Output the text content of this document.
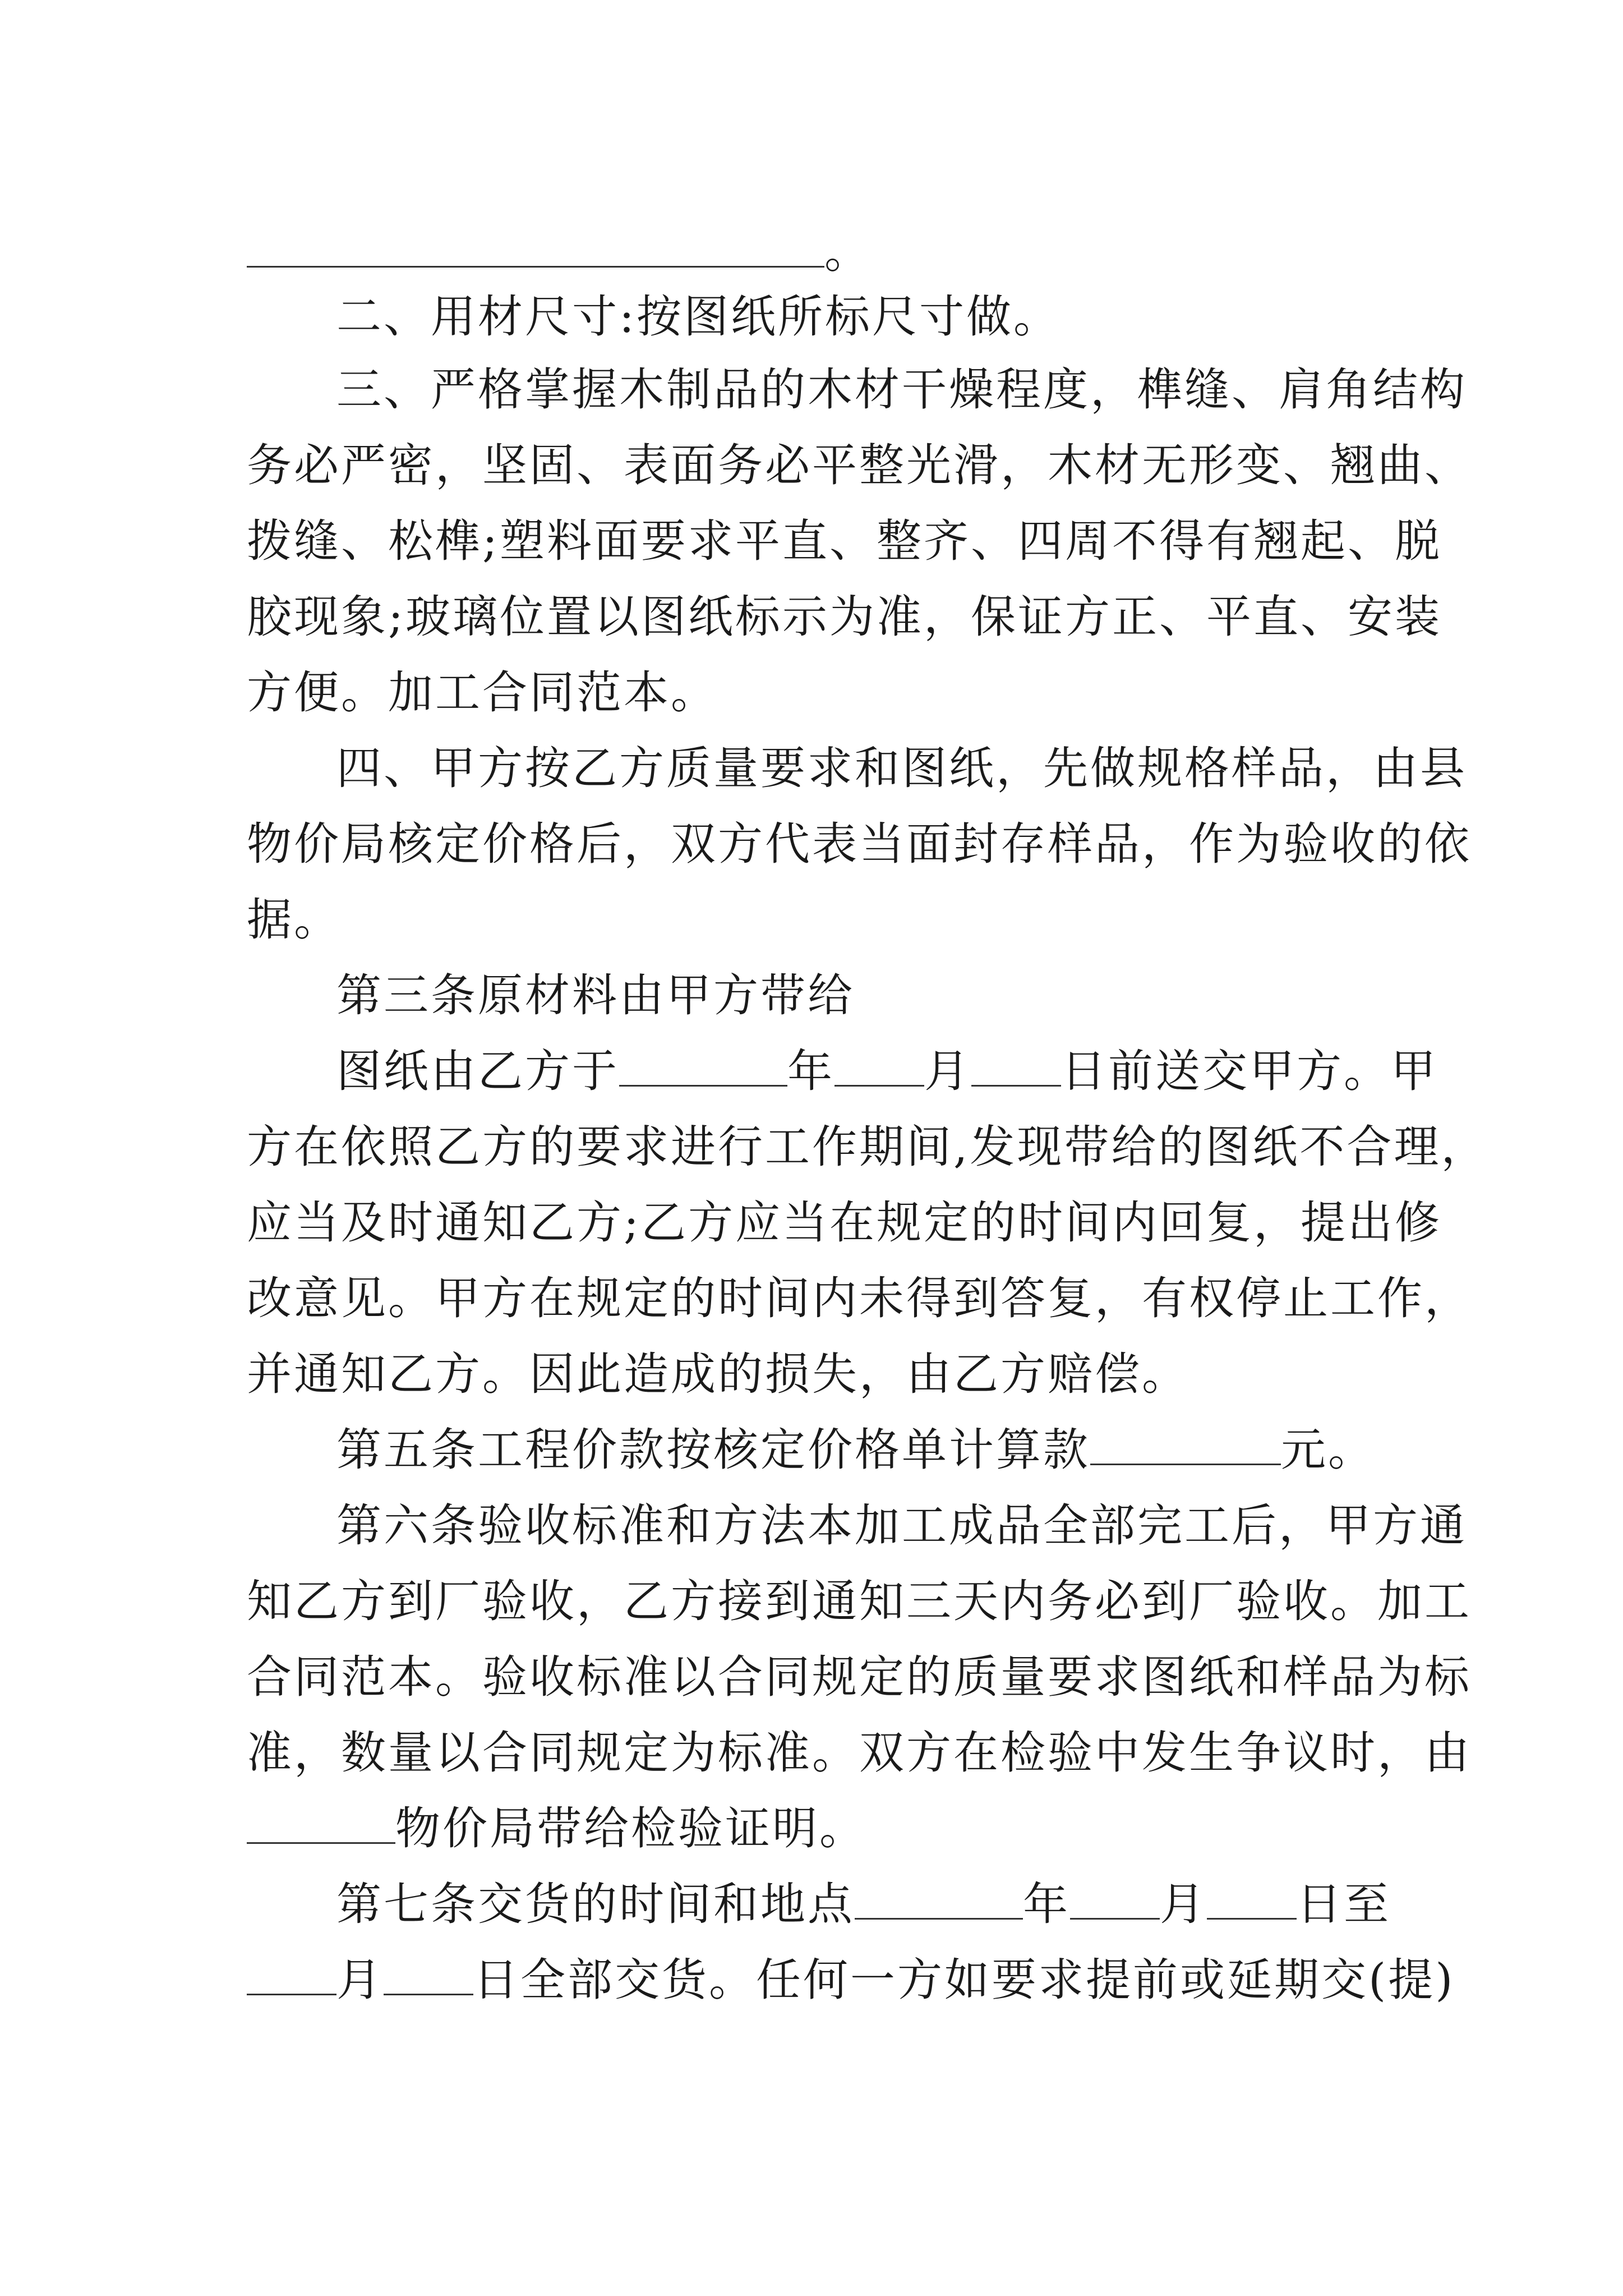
。
二、用材尺寸:按图纸所标尺寸做。
三、严格掌握木制品的木材干燥程度，榫缝、肩角结构
务必严密，坚固、表面务必平整光滑，木材无形变、翘曲、
拨缝、松榫;塑料面要求平直、整齐、四周不得有翘起、脱
胶现象;玻璃位置以图纸标示为准，保证方正、平直、安装
方便。加工合同范本。
四、甲方按乙方质量要求和图纸，先做规格样品，由县
物价局核定价格后，双方代表当面封存样品，作为验收的依
据。
第三条原材料由甲方带给
图纸由乙方于	年 月 日前送交甲方。甲
方在依照乙方的要求进行工作期间,发现带给的图纸不合理，
应当及时通知乙方;乙方应当在规定的时间内回复，提出修
改意见。甲方在规定的时间内未得到答复，有权停止工作，
并通知乙方。因此造成的损失，由乙方赔偿。
第五条工程价款按核定价格单计算款	元。
第六条验收标准和方法本加工成品全部完工后，甲方通
知乙方到厂验收，乙方接到通知三天内务必到厂验收。加工
合同范本。验收标准以合同规定的质量要求图纸和样品为标
准，数量以合同规定为标准。双方在检验中发生争议时，由
物价局带给检验证明。
第七条交货的时间和地点	年 月 日至
月 日全部交货。任何一方如要求提前或延期交(提)
